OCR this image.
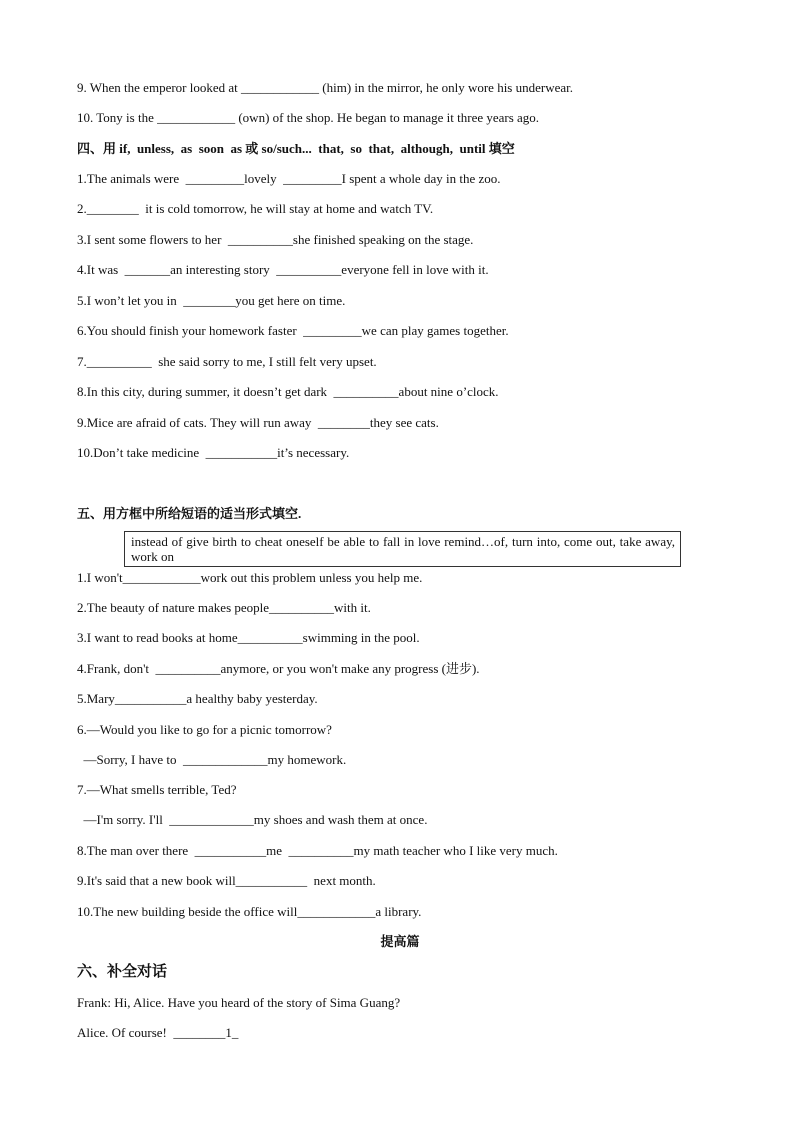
9. When the emperor looked at ____________ (him) in the mirror, he only wore his underwear.
10. Tony is the ____________ (own) of the shop. He began to manage it three years ago.
四、用 if,  unless,  as  soon  as 或 so/such...  that,  so  that,  although,  until 填空
1.The animals were  _________lovely  _________I spent a whole day in the zoo.
2.________  it is cold tomorrow, he will stay at home and watch TV.
3.I sent some flowers to her  __________she finished speaking on the stage.
4.It was  _______an interesting story  __________everyone fell in love with it.
5.I won’t let you in  ________you get here on time.
6.You should finish your homework faster  _________we can play games together.
7.__________  she said sorry to me, I still felt very upset.
8.In this city, during summer, it doesn’t get dark  __________about nine o’clock.
9.Mice are afraid of cats. They will run away  ________they see cats.
10.Don’t take medicine  ___________it’s necessary.
五、用方框中所给短语的适当形式填空.
instead of give birth to cheat oneself be able to fall in love remind…of, turn into, come out, take away, work on
1.I won't____________work out this problem unless you help me.
2.The beauty of nature makes people__________with it.
3.I want to read books at home__________swimming in the pool.
4.Frank, don't  __________anymore, or you won't make any progress (进步).
5.Mary___________a healthy baby yesterday.
6.—Would you like to go for a picnic tomorrow?
—Sorry, I have to  _____________my homework.
7.—What smells terrible, Ted?
—I'm sorry. I'll  _____________my shoes and wash them at once.
8.The man over there  ___________me  __________my math teacher who I like very much.
9.It's said that a new book will___________  next month.
10.The new building beside the office will____________a library.
提高篇
六、补全对话
Frank: Hi, Alice. Have you heard of the story of Sima Guang?
Alice. Of course!  ________1_
